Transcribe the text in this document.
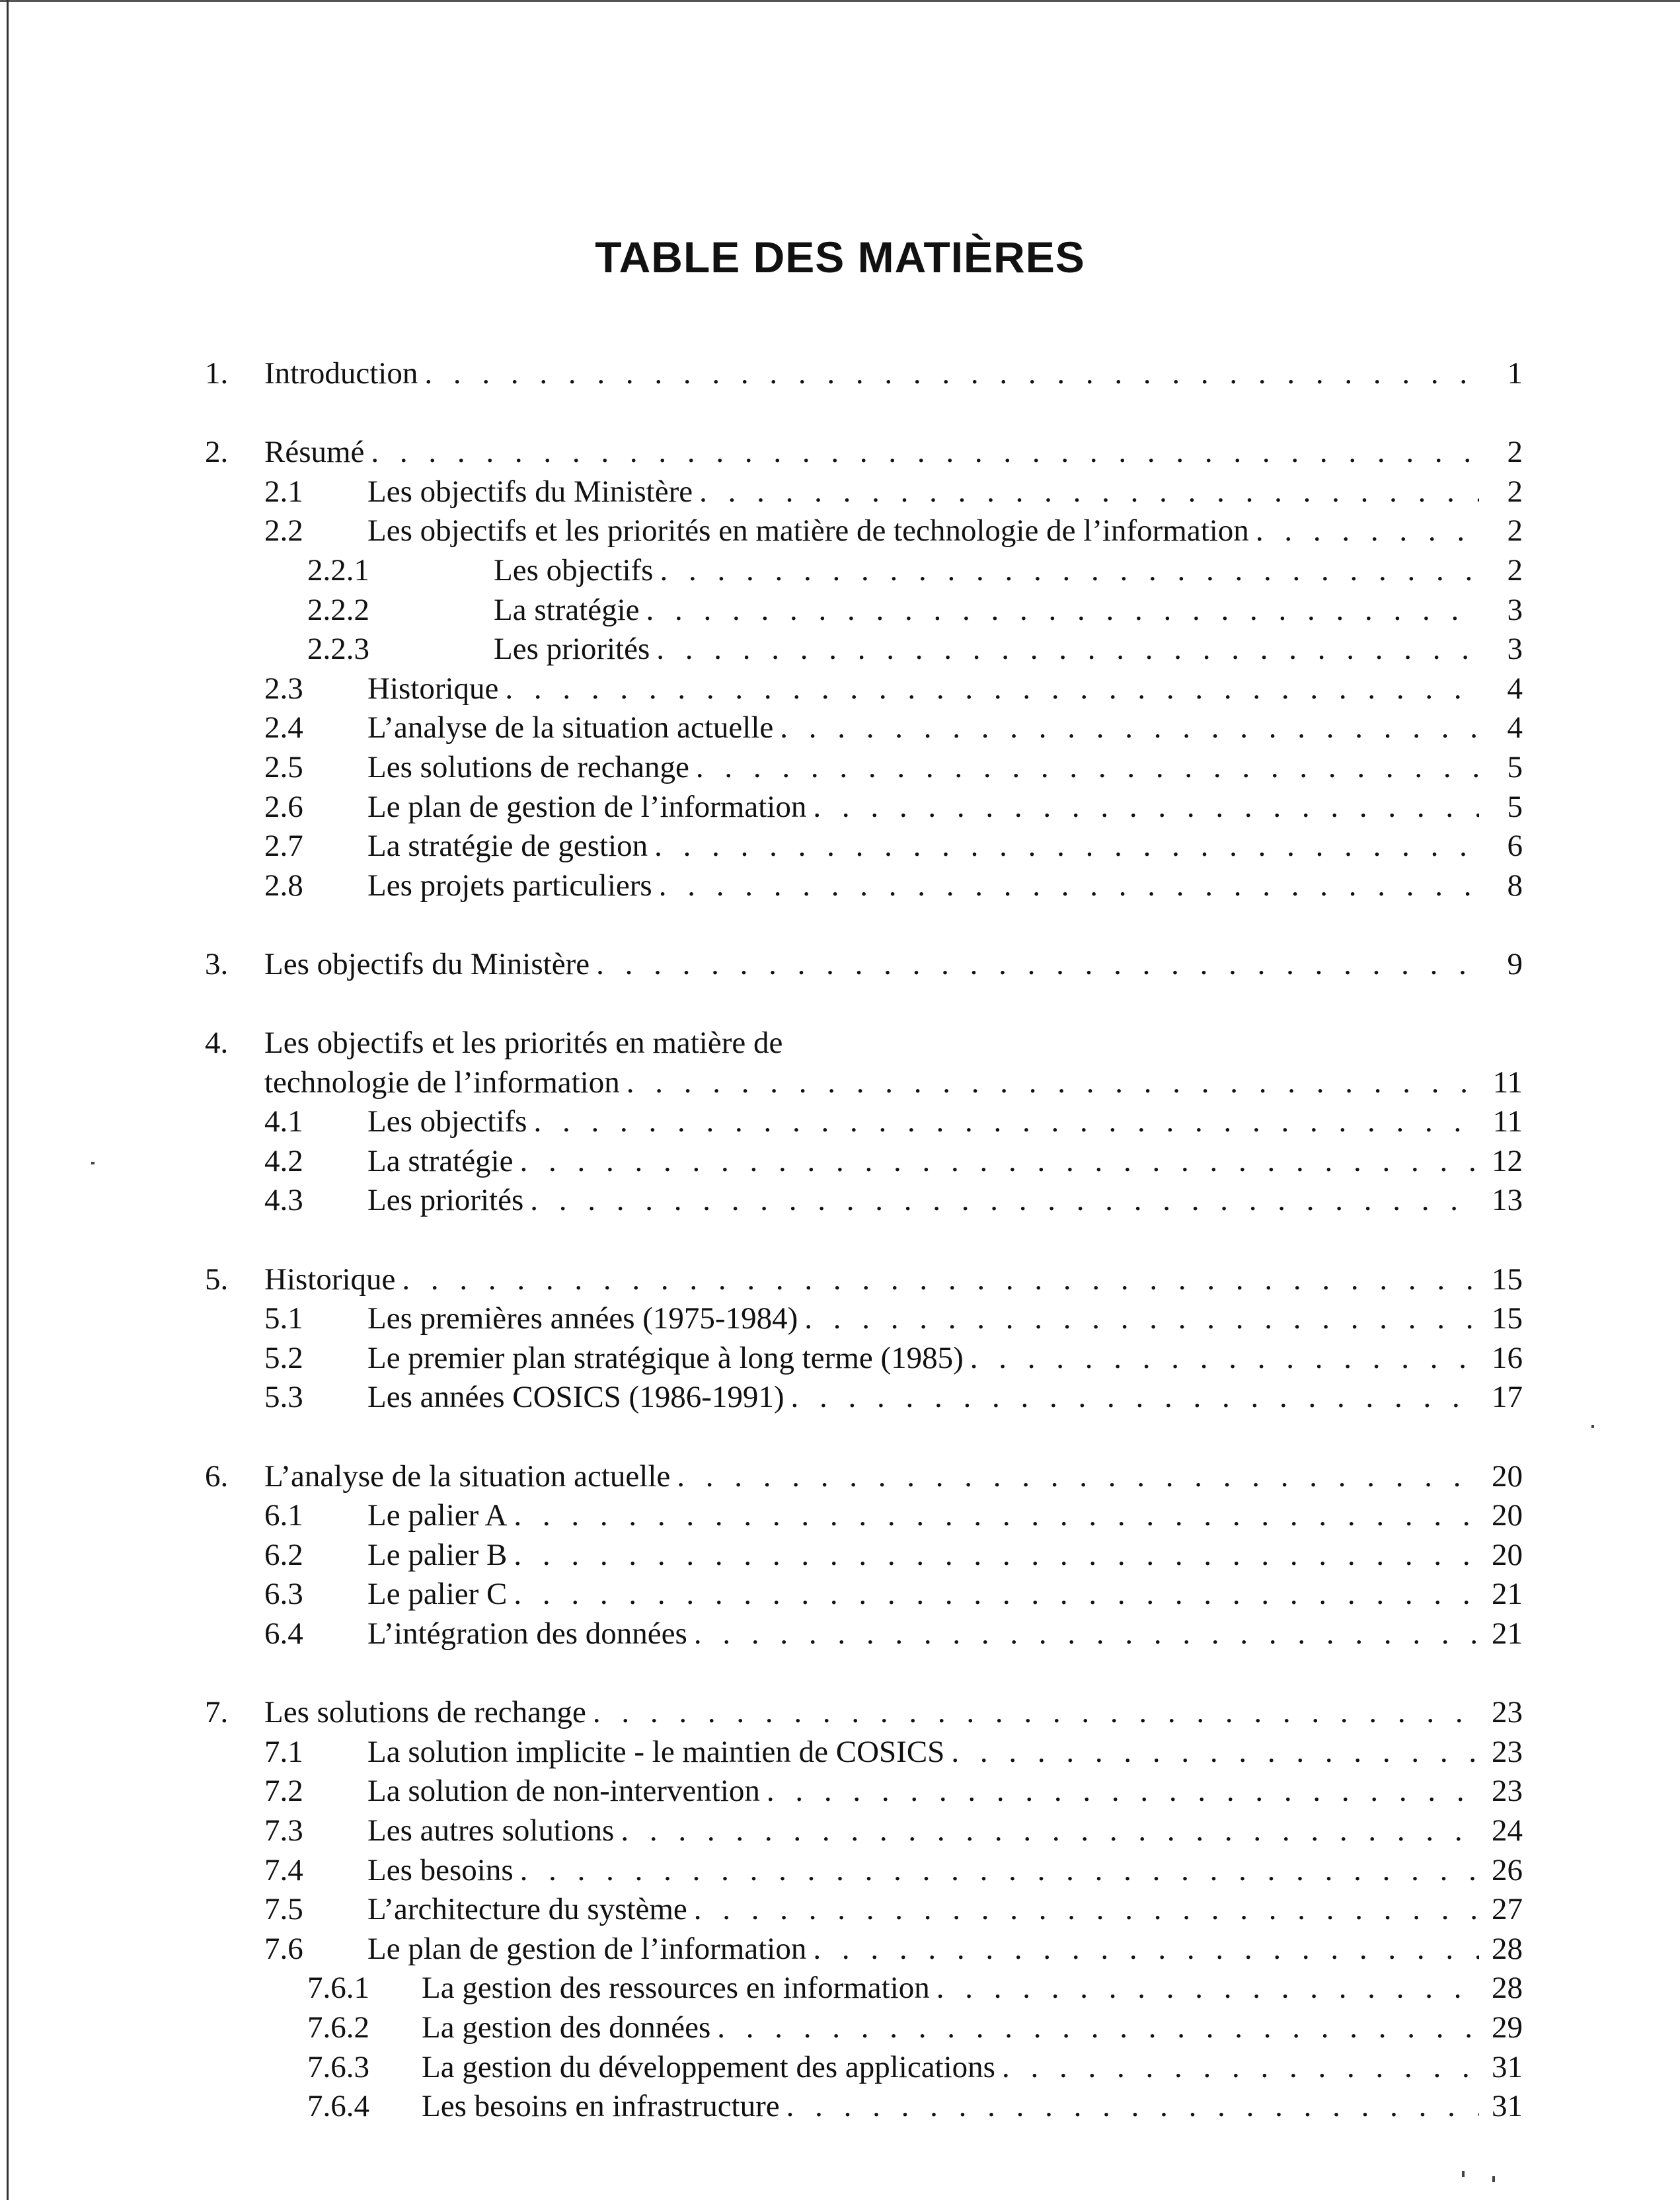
TABLE DES MATIÈRES
1.	Introduction . . .	1
2.	Résumé . . .	2
2.1	Les objectifs du Ministère . . .	2
2.2	Les objectifs et les priorités en matière de technologie de l’information . . .	2
2.2.1	Les objectifs . . .	2
2.2.2	La stratégie . . .	3
2.2.3	Les priorités . . .	3
2.3	Historique . . .	4
2.4	L’analyse de la situation actuelle . . .	4
2.5	Les solutions de rechange . . .	5
2.6	Le plan de gestion de l’information . . .	5
2.7	La stratégie de gestion . . .	6
2.8	Les projets particuliers . . .	8
3.	Les objectifs du Ministère . . .	9
4.	Les objectifs et les priorités en matière de
technologie de l’information . . .	11
4.1	Les objectifs . . .	11
4.2	La stratégie . . .	12
4.3	Les priorités . . .	13
5.	Historique . . .	15
5.1	Les premières années (1975-1984) . . .	15
5.2	Le premier plan stratégique à long terme (1985) . . .	16
5.3	Les années COSICS (1986-1991) . . .	17
6.	L’analyse de la situation actuelle . . .	20
6.1	Le palier A . . .	20
6.2	Le palier B . . .	20
6.3	Le palier C . . .	21
6.4	L’intégration des données . . .	21
7.	Les solutions de rechange . . .	23
7.1	La solution implicite - le maintien de COSICS . . .	23
7.2	La solution de non-intervention . . .	23
7.3	Les autres solutions . . .	24
7.4	Les besoins . . .	26
7.5	L’architecture du système . . .	27
7.6	Le plan de gestion de l’information . . .	28
7.6.1	La gestion des ressources en information . . .	28
7.6.2	La gestion des données . . .	29
7.6.3	La gestion du développement des applications . . .	31
7.6.4	Les besoins en infrastructure . . .	31
